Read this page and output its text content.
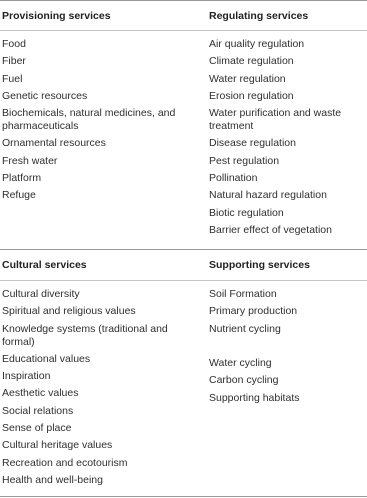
Provisioning services	Regulating services
Food
Fiber
Fuel
Genetic resources
Biochemicals, natural medicines, and pharmaceuticals
Ornamental resources
Fresh water
Platform
Refuge
Air quality regulation
Climate regulation
Water regulation
Erosion regulation
Water purification and waste treatment
Disease regulation
Pest regulation
Pollination
Natural hazard regulation
Biotic regulation
Barrier effect of vegetation
Cultural services	Supporting services
Cultural diversity
Spiritual and religious values
Knowledge systems (traditional and formal)
Educational values
Inspiration
Aesthetic values
Social relations
Sense of place
Cultural heritage values
Recreation and ecotourism
Health and well-being
Soil Formation
Primary production
Nutrient cycling
Water cycling
Carbon cycling
Supporting habitats
